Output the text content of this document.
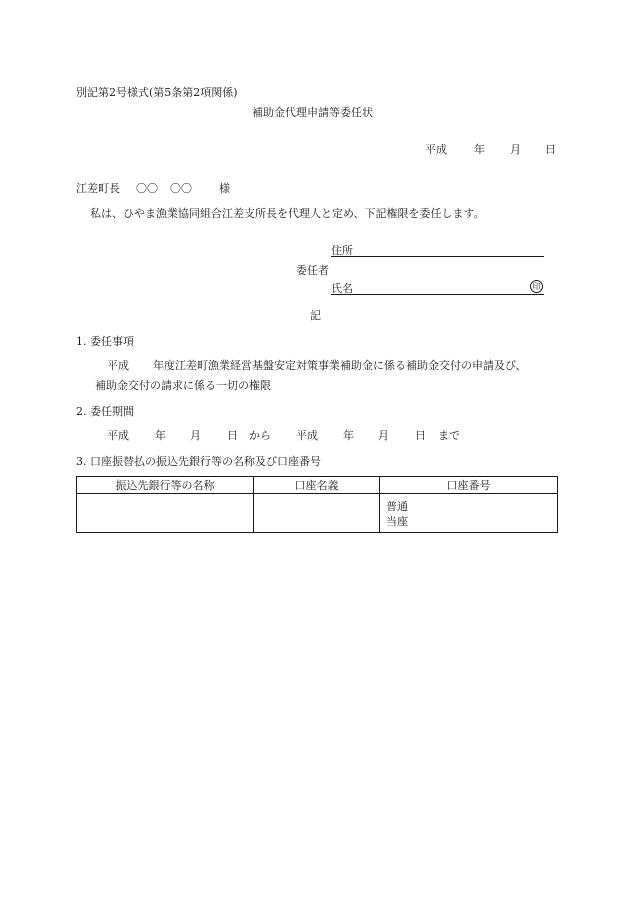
別記第2号様式(第5条第2項関係)
補助金代理申請等委任状
平成 年 月 日
江差町長 〇〇 〇〇 様
私は、ひやま漁業協同組合江差支所長を代理人と定め、下記権限を委任します。
住所
委任者
氏名	印
記
1. 委任事項
平成 年度江差町漁業経営基盤安定対策事業補助金に係る補助金交付の申請及び、
補助金交付の請求に係る一切の権限
2. 委任期間
平成 年 月 日 から 平成 年 月 日 まで
3. 口座振替払の振込先銀行等の名称及び口座番号
振込先銀行等の名称	口座名義	口座番号

		普通
当座
